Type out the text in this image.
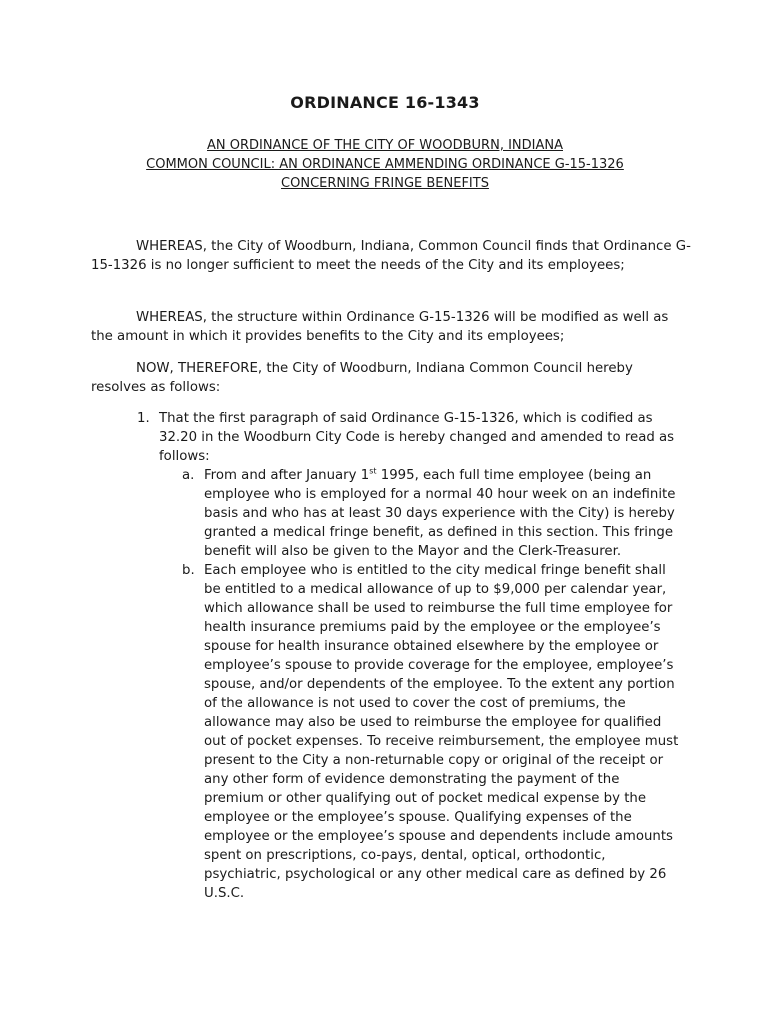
ORDINANCE 16-1343
AN ORDINANCE OF THE CITY OF WOODBURN, INDIANA
COMMON COUNCIL: AN ORDINANCE AMMENDING ORDINANCE G-15-1326
CONCERNING FRINGE BENEFITS

WHEREAS, the City of Woodburn, Indiana, Common Council finds that Ordinance G-15-1326 is no longer sufficient to meet the needs of the City and its employees;

WHEREAS, the structure within Ordinance G-15-1326 will be modified as well as the amount in which it provides benefits to the City and its employees;

NOW, THEREFORE, the City of Woodburn, Indiana Common Council hereby resolves as follows:

1. That the first paragraph of said Ordinance G-15-1326, which is codified as 32.20 in the Woodburn City Code is hereby changed and amended to read as follows:
a. From and after January 1st 1995, each full time employee (being an employee who is employed for a normal 40 hour week on an indefinite basis and who has at least 30 days experience with the City) is hereby granted a medical fringe benefit, as defined in this section. This fringe benefit will also be given to the Mayor and the Clerk-Treasurer.
b. Each employee who is entitled to the city medical fringe benefit shall be entitled to a medical allowance of up to $9,000 per calendar year, which allowance shall be used to reimburse the full time employee for health insurance premiums paid by the employee or the employee’s spouse for health insurance obtained elsewhere by the employee or employee’s spouse to provide coverage for the employee, employee’s spouse, and/or dependents of the employee. To the extent any portion of the allowance is not used to cover the cost of premiums, the allowance may also be used to reimburse the employee for qualified out of pocket expenses. To receive reimbursement, the employee must present to the City a non-returnable copy or original of the receipt or any other form of evidence demonstrating the payment of the premium or other qualifying out of pocket medical expense by the employee or the employee’s spouse. Qualifying expenses of the employee or the employee’s spouse and dependents include amounts spent on prescriptions, co-pays, dental, optical, orthodontic, psychiatric, psychological or any other medical care as defined by 26 U.S.C.
